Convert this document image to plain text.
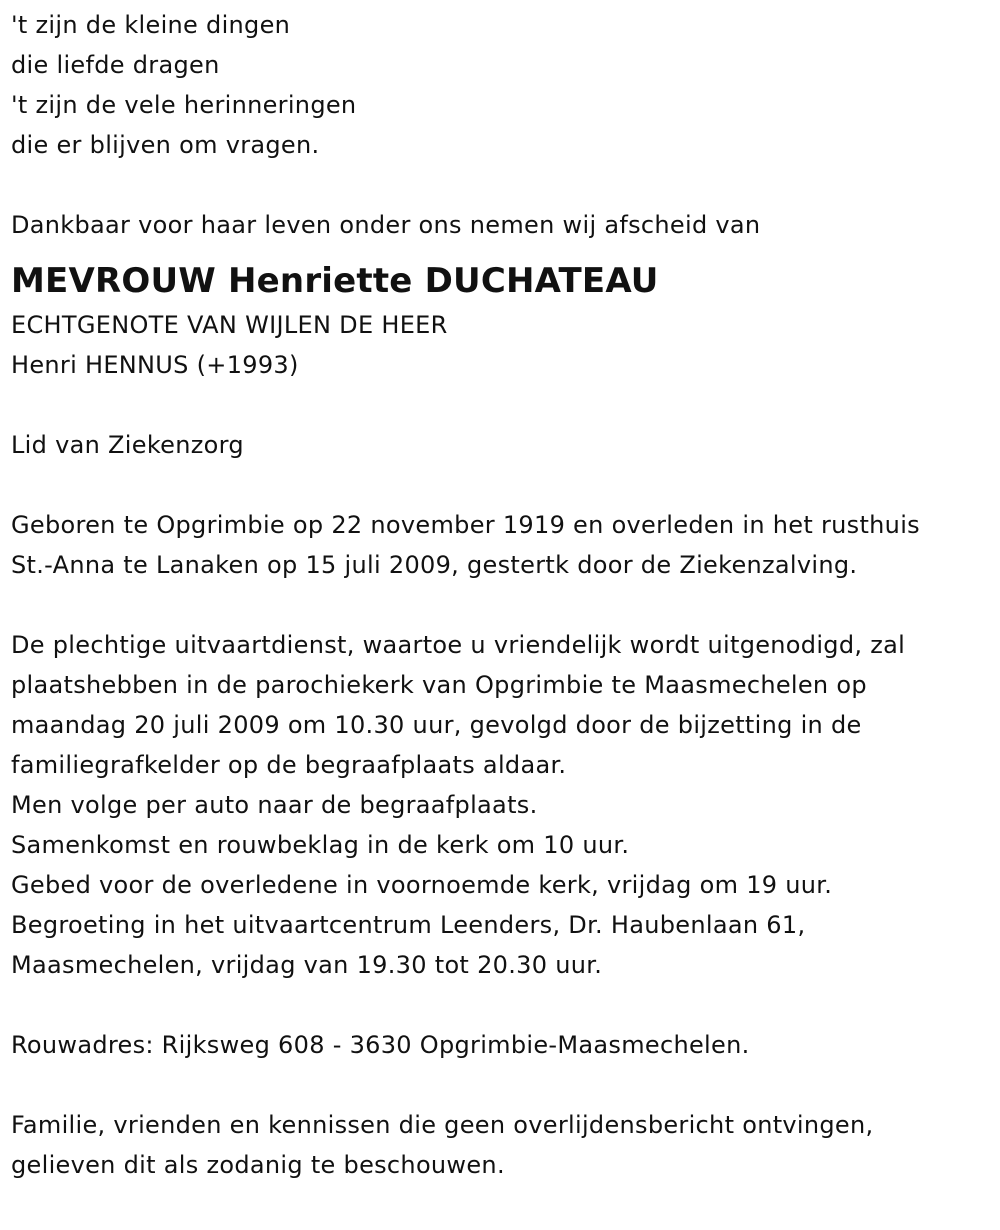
't zijn de kleine dingen
die liefde dragen
't zijn de vele herinneringen
die er blijven om vragen.
Dankbaar voor haar leven onder ons nemen wij afscheid van
MEVROUW Henriette DUCHATEAU
ECHTGENOTE VAN WIJLEN DE HEER
Henri HENNUS (+1993)
Lid van Ziekenzorg
Geboren te Opgrimbie op 22 november 1919 en overleden in het rusthuis
St.-Anna te Lanaken op 15 juli 2009, gestertk door de Ziekenzalving.
De plechtige uitvaartdienst, waartoe u vriendelijk wordt uitgenodigd, zal
plaatshebben in de parochiekerk van Opgrimbie te Maasmechelen op
maandag 20 juli 2009 om 10.30 uur, gevolgd door de bijzetting in de
familiegrafkelder op de begraafplaats aldaar.
Men volge per auto naar de begraafplaats.
Samenkomst en rouwbeklag in de kerk om 10 uur.
Gebed voor de overledene in voornoemde kerk, vrijdag om 19 uur.
Begroeting in het uitvaartcentrum Leenders, Dr. Haubenlaan 61,
Maasmechelen, vrijdag van 19.30 tot 20.30 uur.
Rouwadres: Rijksweg 608 - 3630 Opgrimbie-Maasmechelen.
Familie, vrienden en kennissen die geen overlijdensbericht ontvingen,
gelieven dit als zodanig te beschouwen.
